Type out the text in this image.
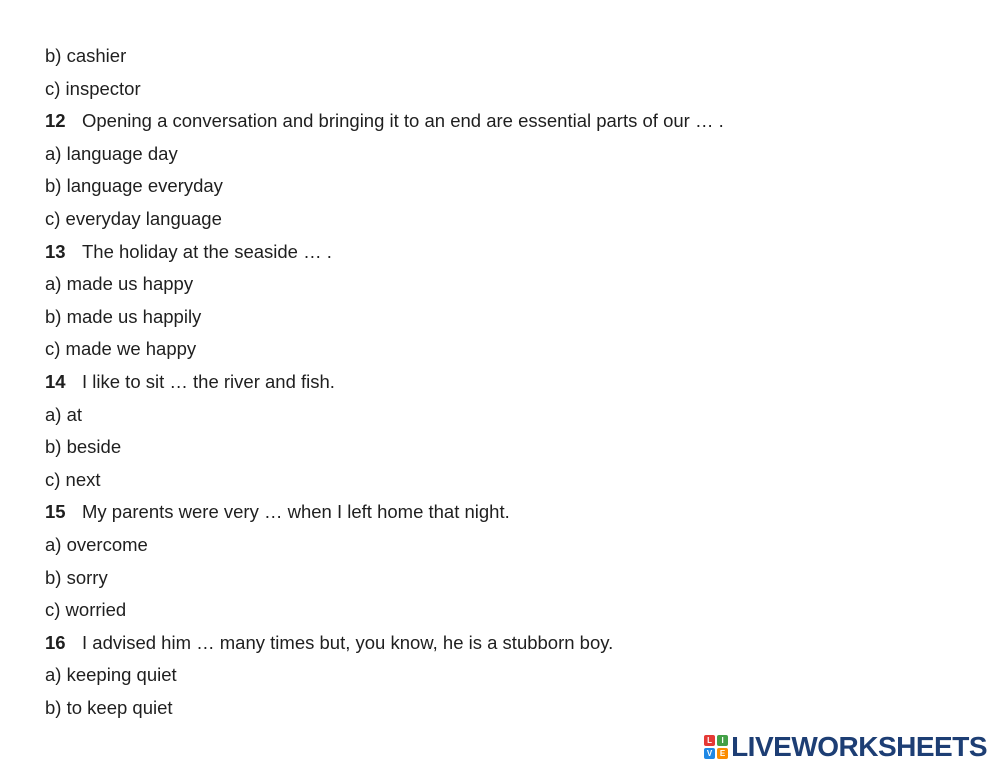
b) cashier
c) inspector
12 Opening a conversation and bringing it to an end are essential parts of our … .
a) language day
b) language everyday
c) everyday language
13 The holiday at the seaside … .
a) made us happy
b) made us happily
c) made we happy
14 I like to sit … the river and fish.
a) at
b) beside
c) next
15 My parents were very … when I left home that night.
a) overcome
b) sorry
c) worried
16 I advised him … many times but, you know, he is a stubborn boy.
a) keeping quiet
b) to keep quiet
L	I
V E LIVEWORKSHEETS
